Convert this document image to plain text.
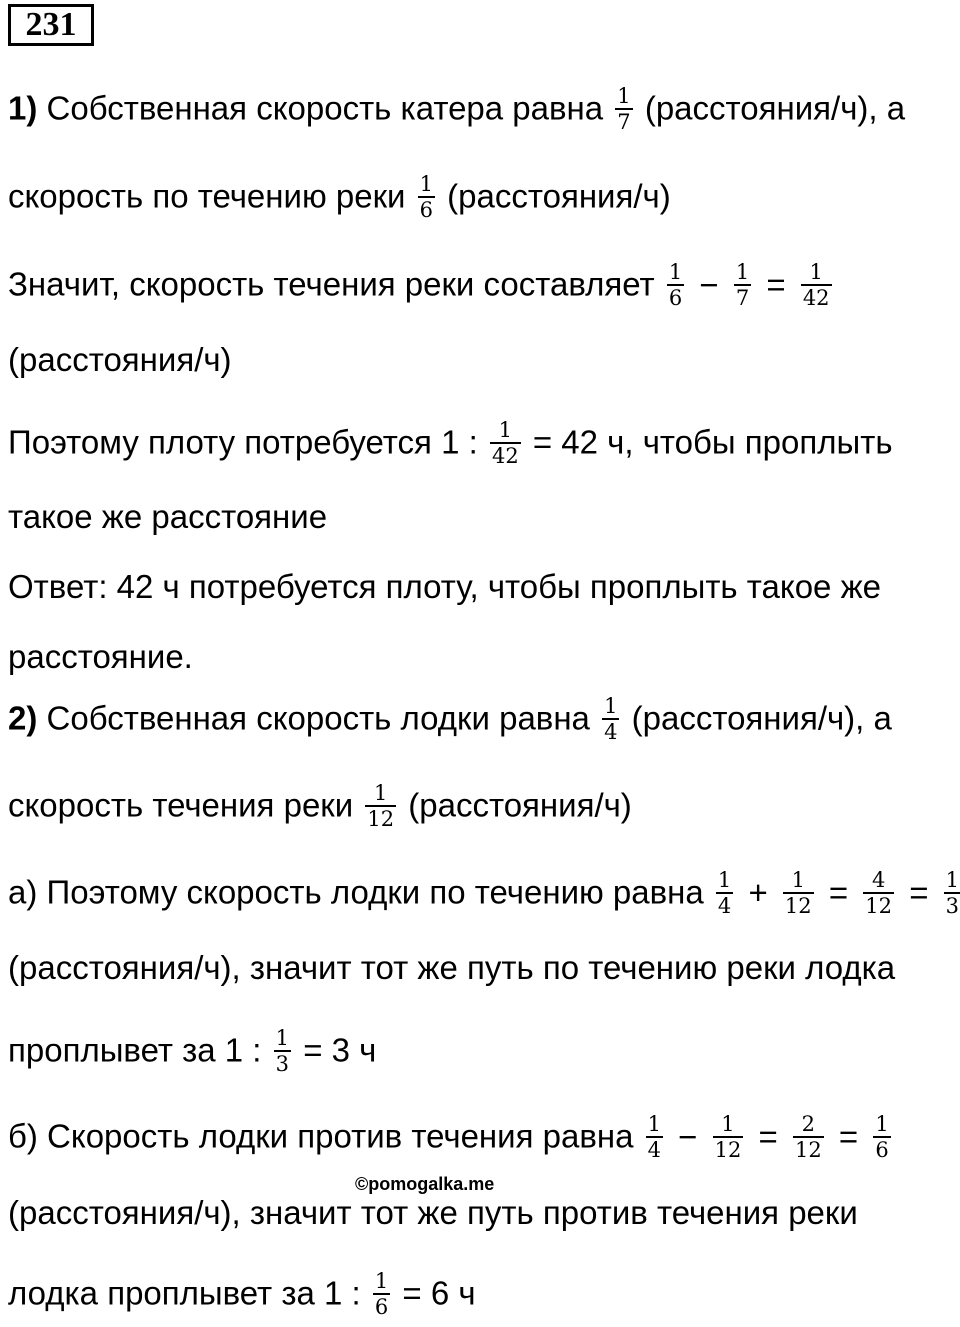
231
1) Собственная скорость катера равна $\frac{1}{7}$ (расстояния/ч), а
скорость по течению реки $\frac{1}{6}$ (расстояния/ч)
Значит, скорость течения реки составляет $\frac{1}{6} - \frac{1}{7} = \frac{1}{42}$
(расстояния/ч)
Поэтому плоту потребуется 1 : $\frac{1}{42} = 42$ ч, чтобы проплыть
такое же расстояние
Ответ: 42 ч потребуется плоту, чтобы проплыть такое же
расстояние.
2) Собственная скорость лодки равна $\frac{1}{4}$ (расстояния/ч), а
скорость течения реки $\frac{1}{12}$ (расстояния/ч)
а) Поэтому скорость лодки по течению равна $\frac{1}{4} + \frac{1}{12} = \frac{4}{12} = \frac{1}{3}$
(расстояния/ч), значит тот же путь по течению реки лодка
проплывет за 1 : $\frac{1}{3} = 3$ ч
б) Скорость лодки против течения равна $\frac{1}{4} - \frac{1}{12} = \frac{2}{12} = \frac{1}{6}$
©pomogalka.me
(расстояния/ч), значит тот же путь против течения реки
лодка проплывет за 1 : $\frac{1}{6} = 6$ ч
